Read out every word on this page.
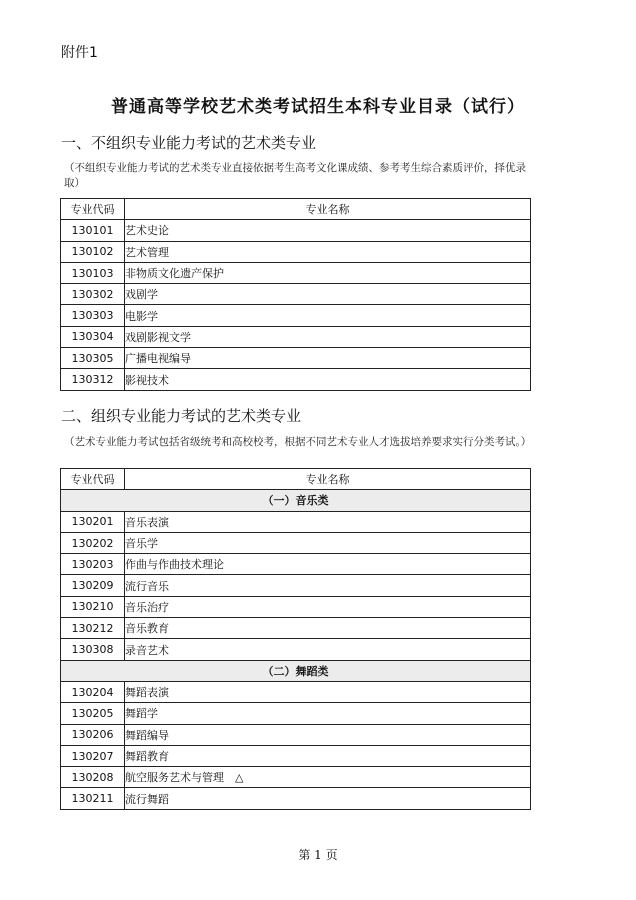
附件1
普通高等学校艺术类考试招生本科专业目录（试行）
一、不组织专业能力考试的艺术类专业
（不组织专业能力考试的艺术类专业直接依据考生高考文化课成绩、参考考生综合素质评价，择优录取）
专业代码	专业名称
130101	艺术史论
130102	艺术管理
130103	非物质文化遗产保护
130302	戏剧学
130303	电影学
130304	戏剧影视文学
130305	广播电视编导
130312	影视技术
二、组织专业能力考试的艺术类专业
（艺术专业能力考试包括省级统考和高校校考，根据不同艺术专业人才选拔培养要求实行分类考试。）
专业代码	专业名称
（一）音乐类	
130201	音乐表演
130202	音乐学
130203	作曲与作曲技术理论
130209	流行音乐
130210	音乐治疗
130212	音乐教育
130308	录音艺术
（二）舞蹈类	
130204	舞蹈表演
130205	舞蹈学
130206	舞蹈编导
130207	舞蹈教育
130208	航空服务艺术与管理　△
130211	流行舞蹈
第 1 页
